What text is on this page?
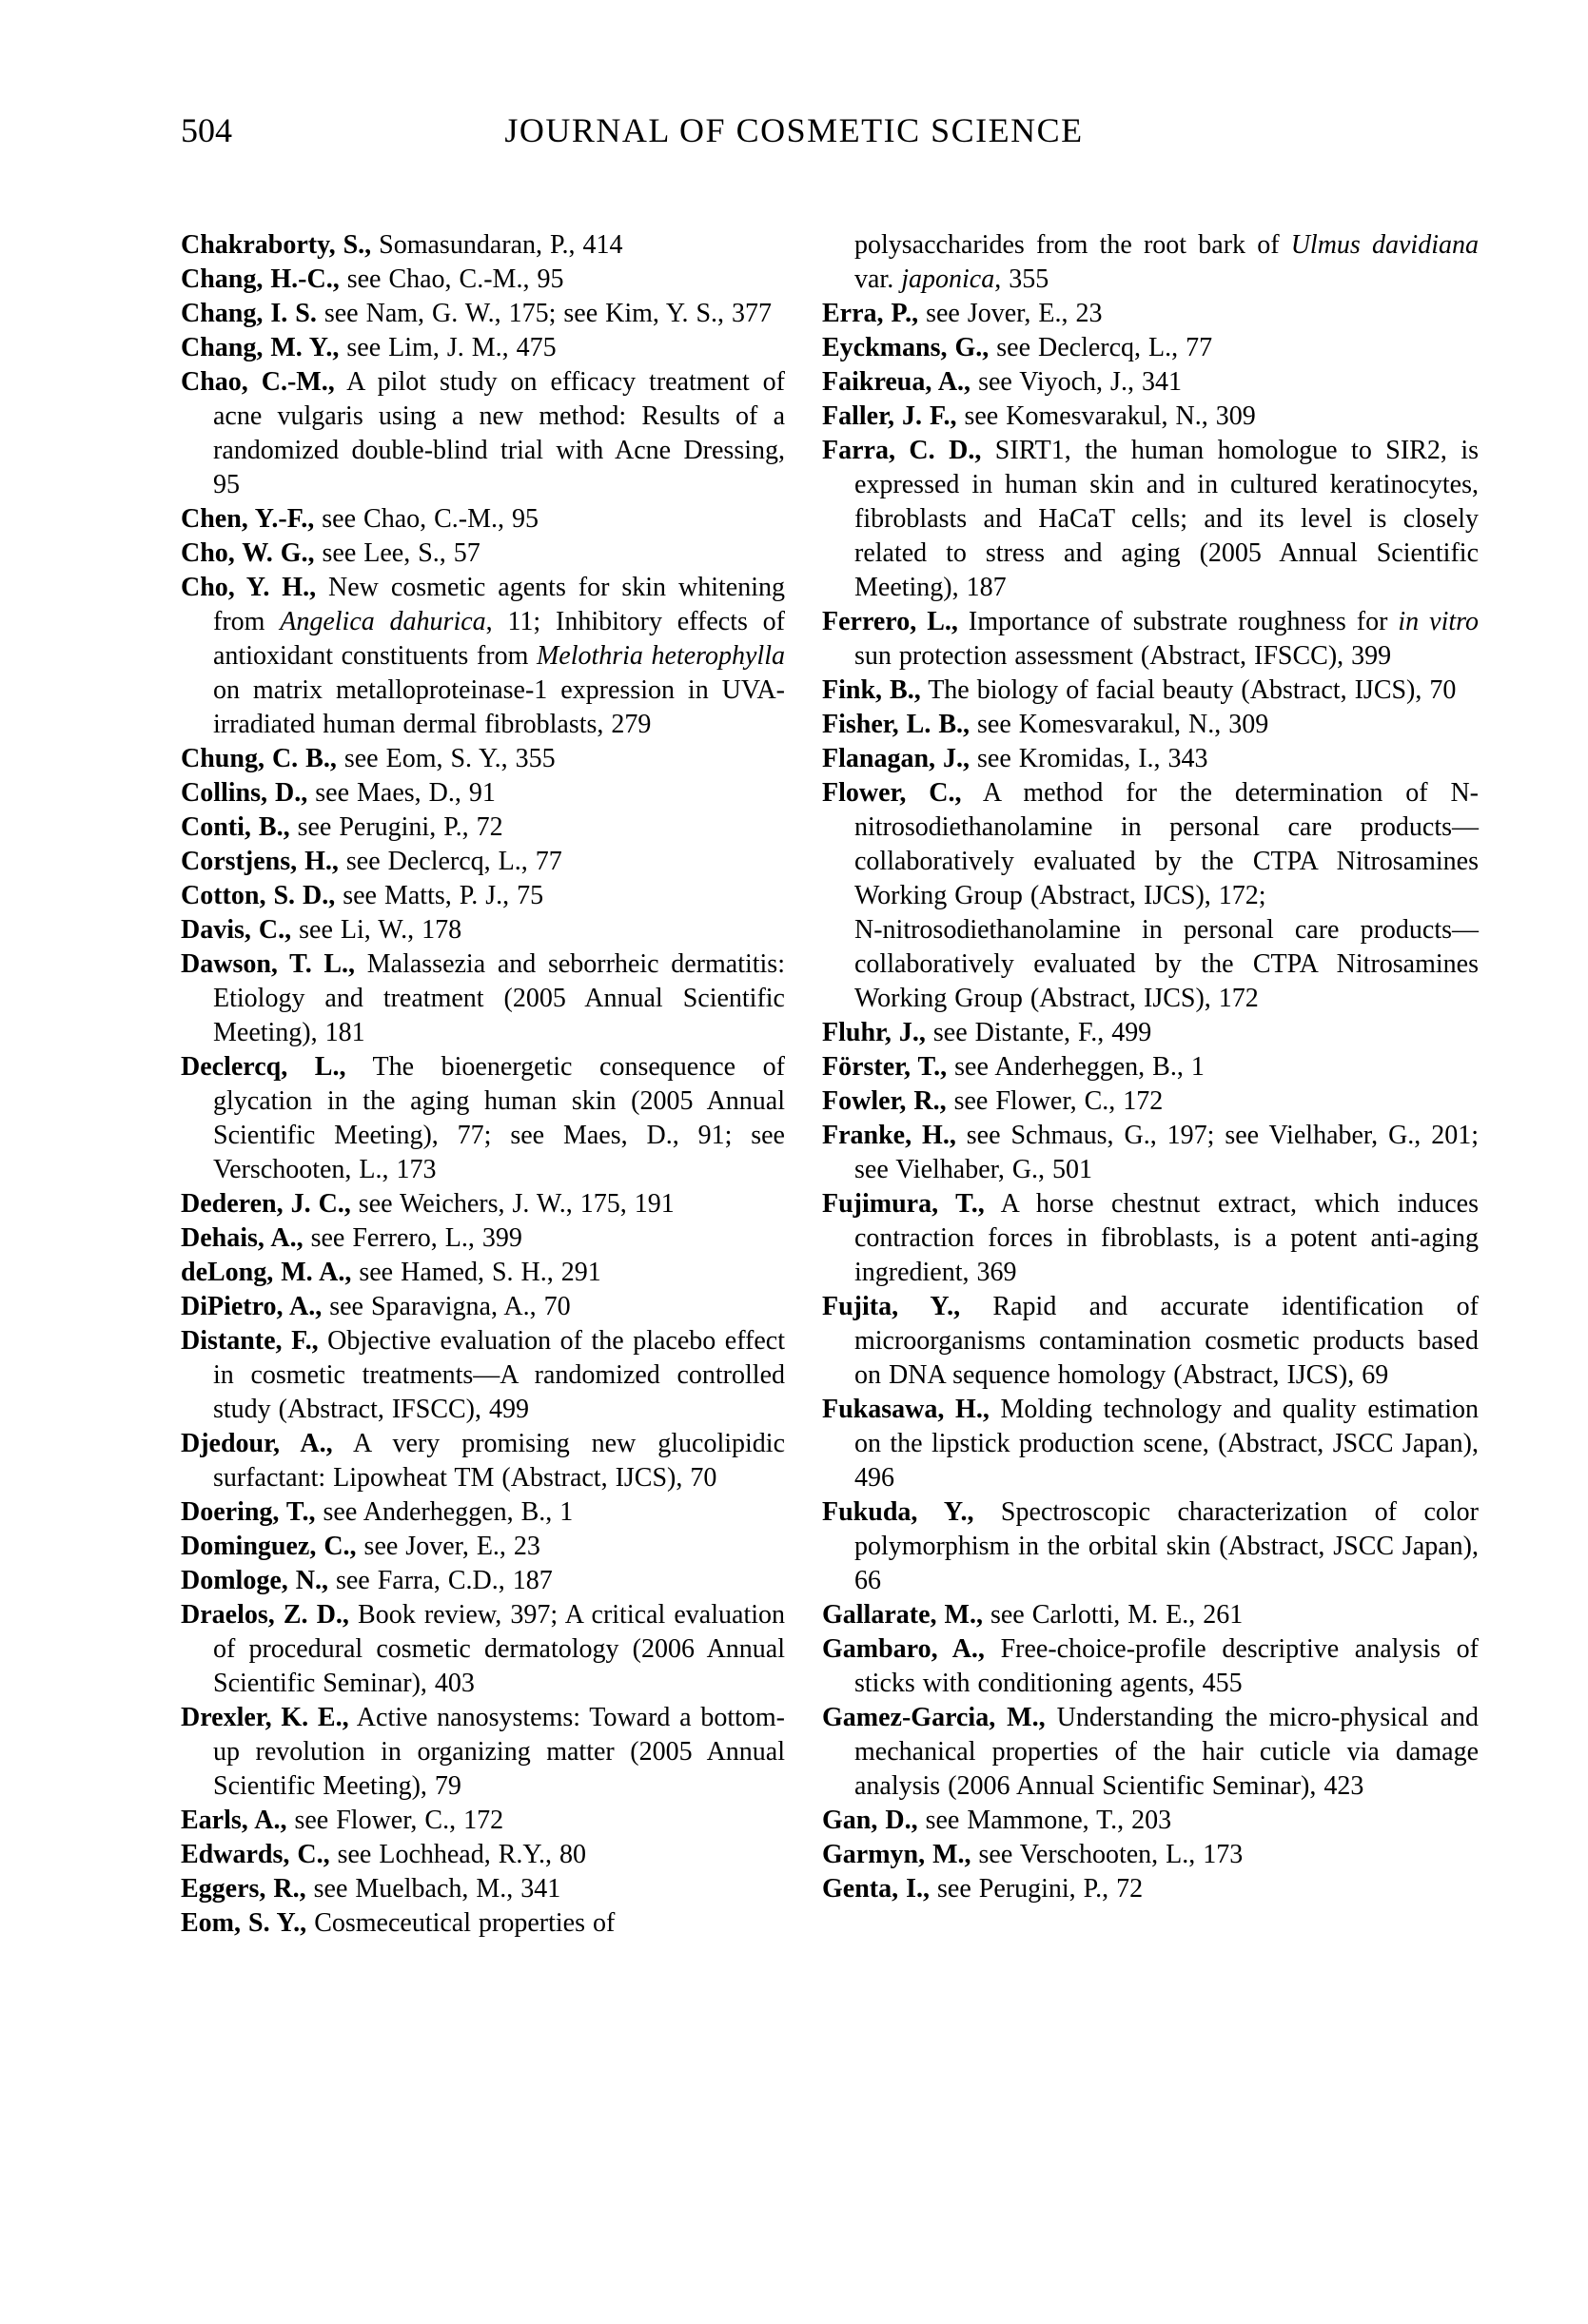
504	JOURNAL OF COSMETIC SCIENCE
Chakraborty, S., Somasundaran, P., 414
Chang, H.-C., see Chao, C.-M., 95
Chang, I. S. see Nam, G. W., 175; see Kim, Y. S., 377
Chang, M. Y., see Lim, J. M., 475
Chao, C.-M., A pilot study on efficacy treatment of acne vulgaris using a new method: Results of a randomized double-blind trial with Acne Dressing, 95
Chen, Y.-F., see Chao, C.-M., 95
Cho, W. G., see Lee, S., 57
Cho, Y. H., New cosmetic agents for skin whitening from Angelica dahurica, 11; Inhibitory effects of antioxidant constituents from Melothria heterophylla on matrix metalloproteinase-1 expression in UVA-irradiated human dermal fibroblasts, 279
Chung, C. B., see Eom, S. Y., 355
Collins, D., see Maes, D., 91
Conti, B., see Perugini, P., 72
Corstjens, H., see Declercq, L., 77
Cotton, S. D., see Matts, P. J., 75
Davis, C., see Li, W., 178
Dawson, T. L., Malassezia and seborrheic dermatitis: Etiology and treatment (2005 Annual Scientific Meeting), 181
Declercq, L., The bioenergetic consequence of glycation in the aging human skin (2005 Annual Scientific Meeting), 77; see Maes, D., 91; see Verschooten, L., 173
Dederen, J. C., see Weichers, J. W., 175, 191
Dehais, A., see Ferrero, L., 399
deLong, M. A., see Hamed, S. H., 291
DiPietro, A., see Sparavigna, A., 70
Distante, F., Objective evaluation of the placebo effect in cosmetic treatments—A randomized controlled study (Abstract, IFSCC), 499
Djedour, A., A very promising new glucolipidic surfactant: Lipowheat TM (Abstract, IJCS), 70
Doering, T., see Anderheggen, B., 1
Dominguez, C., see Jover, E., 23
Domloge, N., see Farra, C.D., 187
Draelos, Z. D., Book review, 397; A critical evaluation of procedural cosmetic dermatology (2006 Annual Scientific Seminar), 403
Drexler, K. E., Active nanosystems: Toward a bottom-up revolution in organizing matter (2005 Annual Scientific Meeting), 79
Earls, A., see Flower, C., 172
Edwards, C., see Lochhead, R.Y., 80
Eggers, R., see Muelbach, M., 341
Eom, S. Y., Cosmeceutical properties of
polysaccharides from the root bark of Ulmus davidiana var. japonica, 355
Erra, P., see Jover, E., 23
Eyckmans, G., see Declercq, L., 77
Faikreua, A., see Viyoch, J., 341
Faller, J. F., see Komesvarakul, N., 309
Farra, C. D., SIRT1, the human homologue to SIR2, is expressed in human skin and in cultured keratinocytes, fibroblasts and HaCaT cells; and its level is closely related to stress and aging (2005 Annual Scientific Meeting), 187
Ferrero, L., Importance of substrate roughness for in vitro sun protection assessment (Abstract, IFSCC), 399
Fink, B., The biology of facial beauty (Abstract, IJCS), 70
Fisher, L. B., see Komesvarakul, N., 309
Flanagan, J., see Kromidas, I., 343
Flower, C., A method for the determination of N-nitrosodiethanolamine in personal care products—collaboratively evaluated by the CTPA Nitrosamines Working Group (Abstract, IJCS), 172;
N-nitrosodiethanolamine in personal care products—collaboratively evaluated by the CTPA Nitrosamines Working Group (Abstract, IJCS), 172
Fluhr, J., see Distante, F., 499
Förster, T., see Anderheggen, B., 1
Fowler, R., see Flower, C., 172
Franke, H., see Schmaus, G., 197; see Vielhaber, G., 201; see Vielhaber, G., 501
Fujimura, T., A horse chestnut extract, which induces contraction forces in fibroblasts, is a potent anti-aging ingredient, 369
Fujita, Y., Rapid and accurate identification of microorganisms contamination cosmetic products based on DNA sequence homology (Abstract, IJCS), 69
Fukasawa, H., Molding technology and quality estimation on the lipstick production scene, (Abstract, JSCC Japan), 496
Fukuda, Y., Spectroscopic characterization of color polymorphism in the orbital skin (Abstract, JSCC Japan), 66
Gallarate, M., see Carlotti, M. E., 261
Gambaro, A., Free-choice-profile descriptive analysis of sticks with conditioning agents, 455
Gamez-Garcia, M., Understanding the micro-physical and mechanical properties of the hair cuticle via damage analysis (2006 Annual Scientific Seminar), 423
Gan, D., see Mammone, T., 203
Garmyn, M., see Verschooten, L., 173
Genta, I., see Perugini, P., 72
